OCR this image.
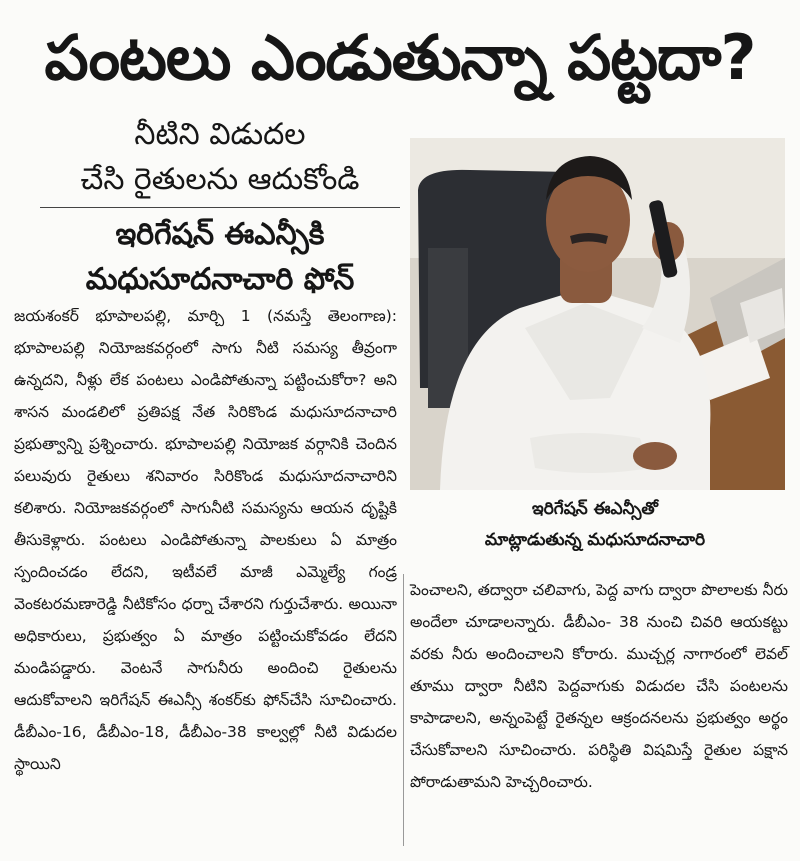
పంటలు ఎండుతున్నా పట్టదా?
నీటిని విడుదల
చేసి రైతులను ఆదుకోండి
ఇరిగేషన్ ఈఎన్సీకి
మధుసూదనాచారి ఫోన్
ఇరిగేషన్ ఈఎన్సీతో
మాట్లాడుతున్న మధుసూదనాచారి
జయశంకర్ భూపాలపల్లి, మార్చి 1 (నమస్తే తెలంగాణ): భూపాలపల్లి నియోజకవర్గంలో సాగు నీటి సమస్య తీవ్రంగా ఉన్నదని, నీళ్లు లేక పంటలు ఎండిపోతున్నా పట్టించుకోరా? అని శాసన మండలిలో ప్రతిపక్ష నేత సిరికొండ మధుసూదనాచారి ప్రభుత్వాన్ని ప్రశ్నించారు. భూపాలపల్లి నియోజక వర్గానికి చెందిన పలువురు రైతులు శనివారం సిరికొండ మధుసూదనాచారిని కలిశారు. నియోజకవర్గంలో సాగునీటి సమస్యను ఆయన దృష్టికి తీసుకెళ్లారు. పంటలు ఎండిపోతున్నా పాలకులు ఏ మాత్రం స్పందించడం లేదని, ఇటీవలే మాజీ ఎమ్మెల్యే గండ్ర వెంకటరమణారెడ్డి నీటికోసం ధర్నా చేశారని గుర్తుచేశారు. అయినా అధికారులు, ప్రభుత్వం ఏ మాత్రం పట్టించుకోవడం లేదని మండిపడ్డారు. వెంటనే సాగునీరు అందించి రైతులను ఆదుకోవాలని ఇరిగేషన్ ఈఎన్సీ శంకర్‌కు ఫోన్‌చేసి సూచించారు. డీబీఎం-16, డీబీఎం-18, డీబీఎం-38 కాల్వల్లో నీటి విడుదల స్థాయిని
పెంచాలని, తద్వారా చలివాగు, పెద్ద వాగు ద్వారా పొలాలకు నీరు అందేలా చూడాలన్నారు. డీబీఎం- 38 నుంచి చివరి ఆయకట్టు వరకు నీరు అందించాలని కోరారు. ముచ్చర్ల నాగారంలో లెవల్ తూము ద్వారా నీటిని పెద్దవాగుకు విడుదల చేసి పంటలను కాపాడాలని, అన్నంపెట్టే రైతన్నల ఆక్రందనలను ప్రభుత్వం అర్థం చేసుకోవాలని సూచించారు. పరిస్థితి విషమిస్తే రైతుల పక్షాన పోరాడుతామని హెచ్చరించారు.
